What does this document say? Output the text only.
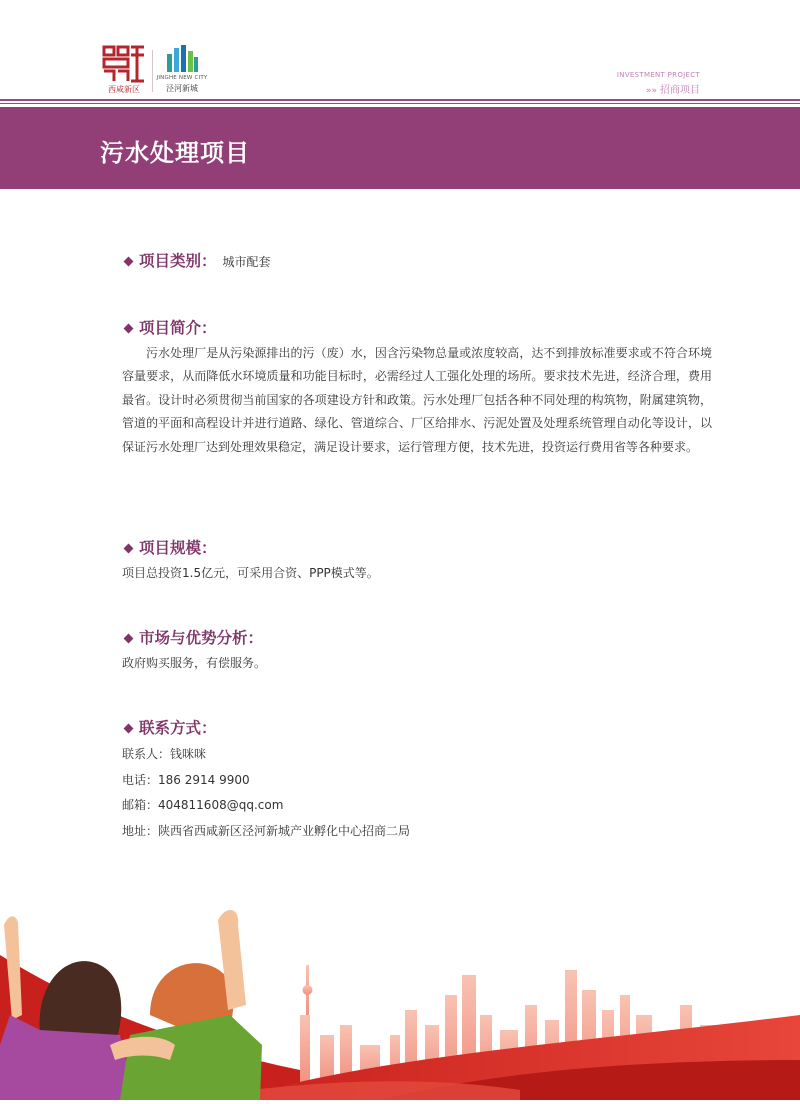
西咸新区
JINGHE NEW CITY
泾河新城
INVESTMENT PROJECT
»» 招商项目
污水处理项目
项目类别： 城市配套
项目简介：
污水处理厂是从污染源排出的污（废）水，因含污染物总量或浓度较高，达不到排放标准要求或不符合环境容量要求，从而降低水环境质量和功能目标时，必需经过人工强化处理的场所。要求技术先进，经济合理，费用最省。设计时必须贯彻当前国家的各项建设方针和政策。污水处理厂包括各种不同处理的构筑物，附属建筑物，管道的平面和高程设计并进行道路、绿化、管道综合、厂区给排水、污泥处置及处理系统管理自动化等设计，以保证污水处理厂达到处理效果稳定，满足设计要求，运行管理方便，技术先进，投资运行费用省等各种要求。
项目规模：
项目总投资1.5亿元，可采用合资、PPP模式等。
市场与优势分析：
政府购买服务，有偿服务。
联系方式：
联系人：钱咪咪
电话：186 2914 9900
邮箱：404811608@qq.com
地址：陕西省西咸新区泾河新城产业孵化中心招商二局
